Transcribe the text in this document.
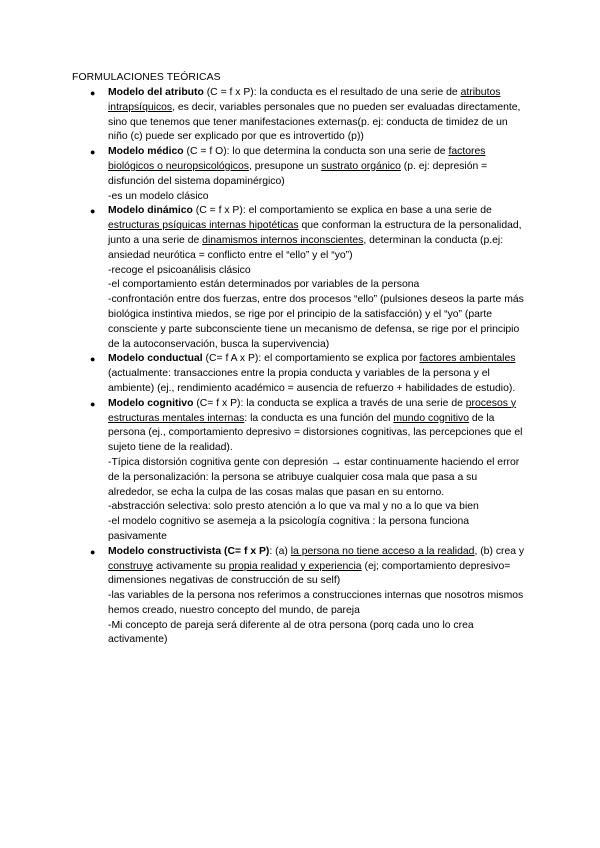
FORMULACIONES TEÓRICAS
● Modelo del atributo (C = f x P): la conducta es el resultado de una serie de atributos intrapsíquicos, es decir, variables personales que no pueden ser evaluadas directamente, sino que tenemos que tener manifestaciones externas(p. ej: conducta de timidez de un niño (c) puede ser explicado por que es introvertido (p))
● Modelo médico (C = f O): lo que determina la conducta son una serie de factores biológicos o neuropsicológicos, presupone un sustrato orgánico (p. ej: depresión = disfunción del sistema dopaminérgico)
-es un modelo clásico
● Modelo dinámico (C = f x P): el comportamiento se explica en base a una serie de estructuras psíquicas internas hipotéticas que conforman la estructura de la personalidad, junto a una serie de dinamismos internos inconscientes, determinan la conducta (p.ej: ansiedad neurótica = conflicto entre el “ello” y el “yo”)
-recoge el psicoanálisis clásico
-el comportamiento están determinados por variables de la persona
-confrontación entre dos fuerzas, entre dos procesos “ello” (pulsiones deseos la parte más biológica instintiva miedos, se rige por el principio de la satisfacción) y el “yo” (parte consciente y parte subconsciente tiene un mecanismo de defensa, se rige por el principio de la autoconservación, busca la supervivencia)
● Modelo conductual (C= f A x P): el comportamiento se explica por factores ambientales (actualmente: transacciones entre la propia conducta y variables de la persona y el ambiente) (ej., rendimiento académico = ausencia de refuerzo + habilidades de estudio).
● Modelo cognitivo (C= f x P): la conducta se explica a través de una serie de procesos y estructuras mentales internas: la conducta es una función del mundo cognitivo de la persona (ej., comportamiento depresivo = distorsiones cognitivas, las percepciones que el sujeto tiene de la realidad).
-Típica distorsión cognitiva gente con depresión → estar continuamente haciendo el error de la personalización: la persona se atribuye cualquier cosa mala que pasa a su alrededor, se echa la culpa de las cosas malas que pasan en su entorno.
-abstracción selectiva: solo presto atención a lo que va mal y no a lo que va bien
-el modelo cognitivo se asemeja a la psicología cognitiva : la persona funciona pasivamente
● Modelo constructivista (C= f x P): (a) la persona no tiene acceso a la realidad, (b) crea y construye activamente su propia realidad y experiencia (ej; comportamiento depresivo= dimensiones negativas de construcción de su self)
-las variables de la persona nos referimos a construcciones internas que nosotros mismos hemos creado, nuestro concepto del mundo, de pareja
-Mi concepto de pareja será diferente al de otra persona (porq cada uno lo crea activamente)
